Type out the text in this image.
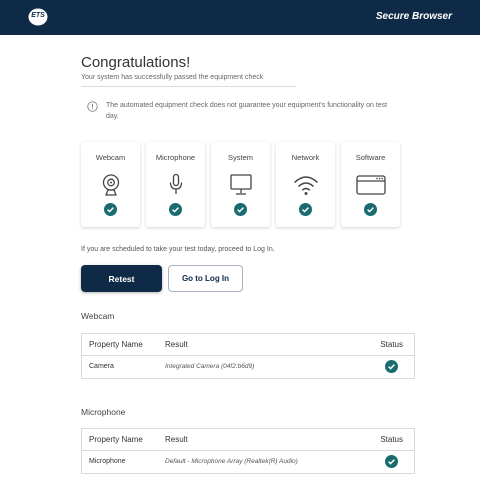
ETS	Secure Browser
Congratulations!

Your system has successfully passed the equipment check

The automated equipment check does not guarantee your equipment's functionality on test day.

Webcam	Microphone	System	Network	Software

If you are scheduled to take your test today, proceed to Log In.

Retest	Go to Log In
Webcam
Property Name	Result	Status
Camera	Integrated Camera (04f2:b6d9)
Microphone
Property Name	Result	Status
Microphone	Default - Microphone Array (Realtek(R) Audio)
